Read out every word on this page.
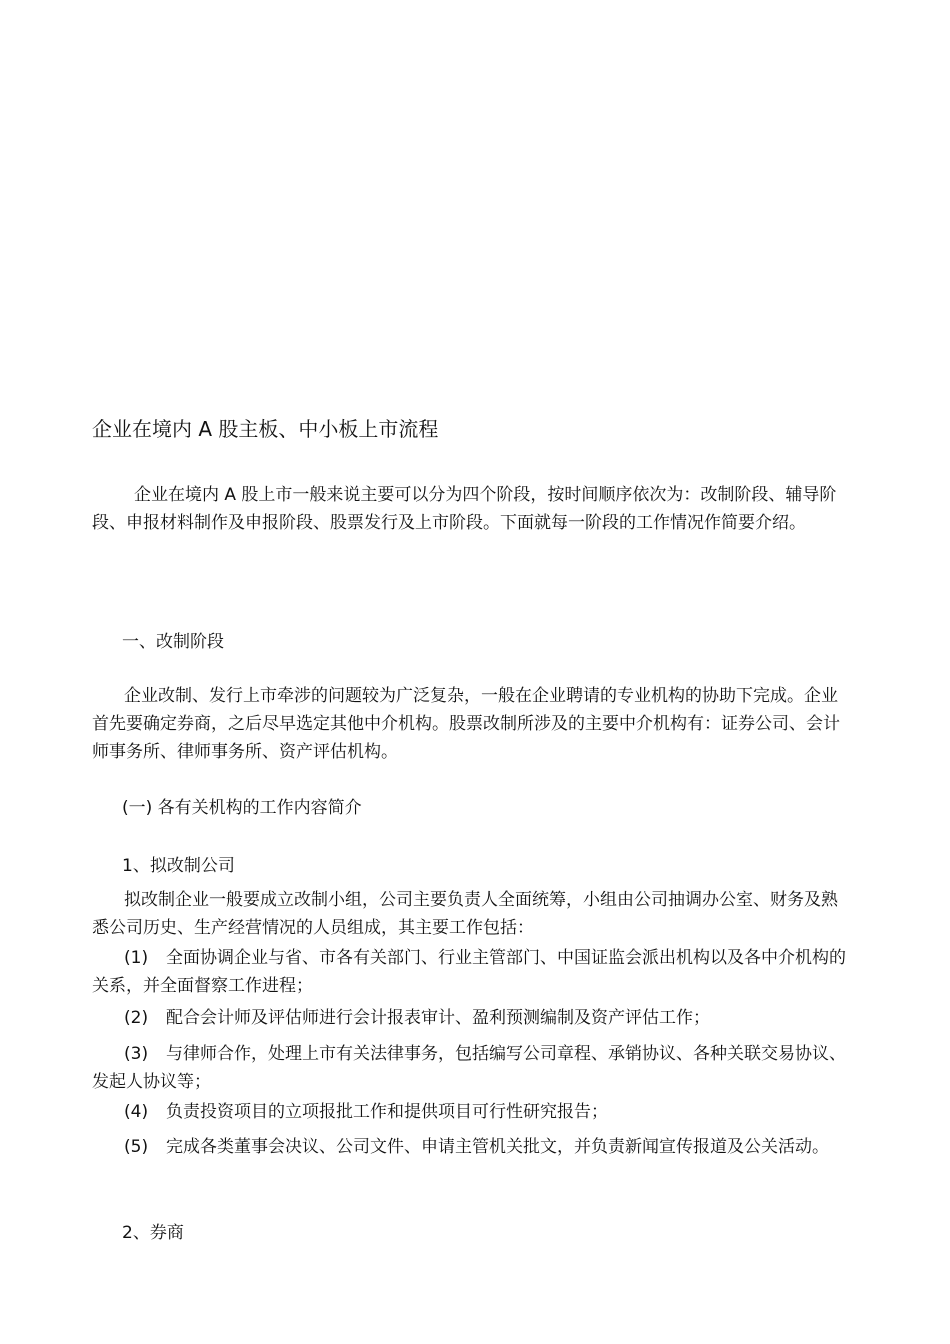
企业在境内 A 股主板、中小板上市流程

企业在境内 A 股上市一般来说主要可以分为四个阶段，按时间顺序依次为：改制阶段、辅导阶段、申报材料制作及申报阶段、股票发行及上市阶段。下面就每一阶段的工作情况作简要介绍。

一、改制阶段

企业改制、发行上市牵涉的问题较为广泛复杂，一般在企业聘请的专业机构的协助下完成。企业首先要确定券商，之后尽早选定其他中介机构。股票改制所涉及的主要中介机构有：证券公司、会计师事务所、律师事务所、资产评估机构。

(一) 各有关机构的工作内容简介

1、拟改制公司

拟改制企业一般要成立改制小组，公司主要负责人全面统筹，小组由公司抽调办公室、财务及熟悉公司历史、生产经营情况的人员组成，其主要工作包括：

(1) 全面协调企业与省、市各有关部门、行业主管部门、中国证监会派出机构以及各中介机构的关系，并全面督察工作进程；

(2) 配合会计师及评估师进行会计报表审计、盈利预测编制及资产评估工作；

(3) 与律师合作，处理上市有关法律事务，包括编写公司章程、承销协议、各种关联交易协议、发起人协议等；

(4) 负责投资项目的立项报批工作和提供项目可行性研究报告；

(5) 完成各类董事会决议、公司文件、申请主管机关批文，并负责新闻宣传报道及公关活动。

2、券商
